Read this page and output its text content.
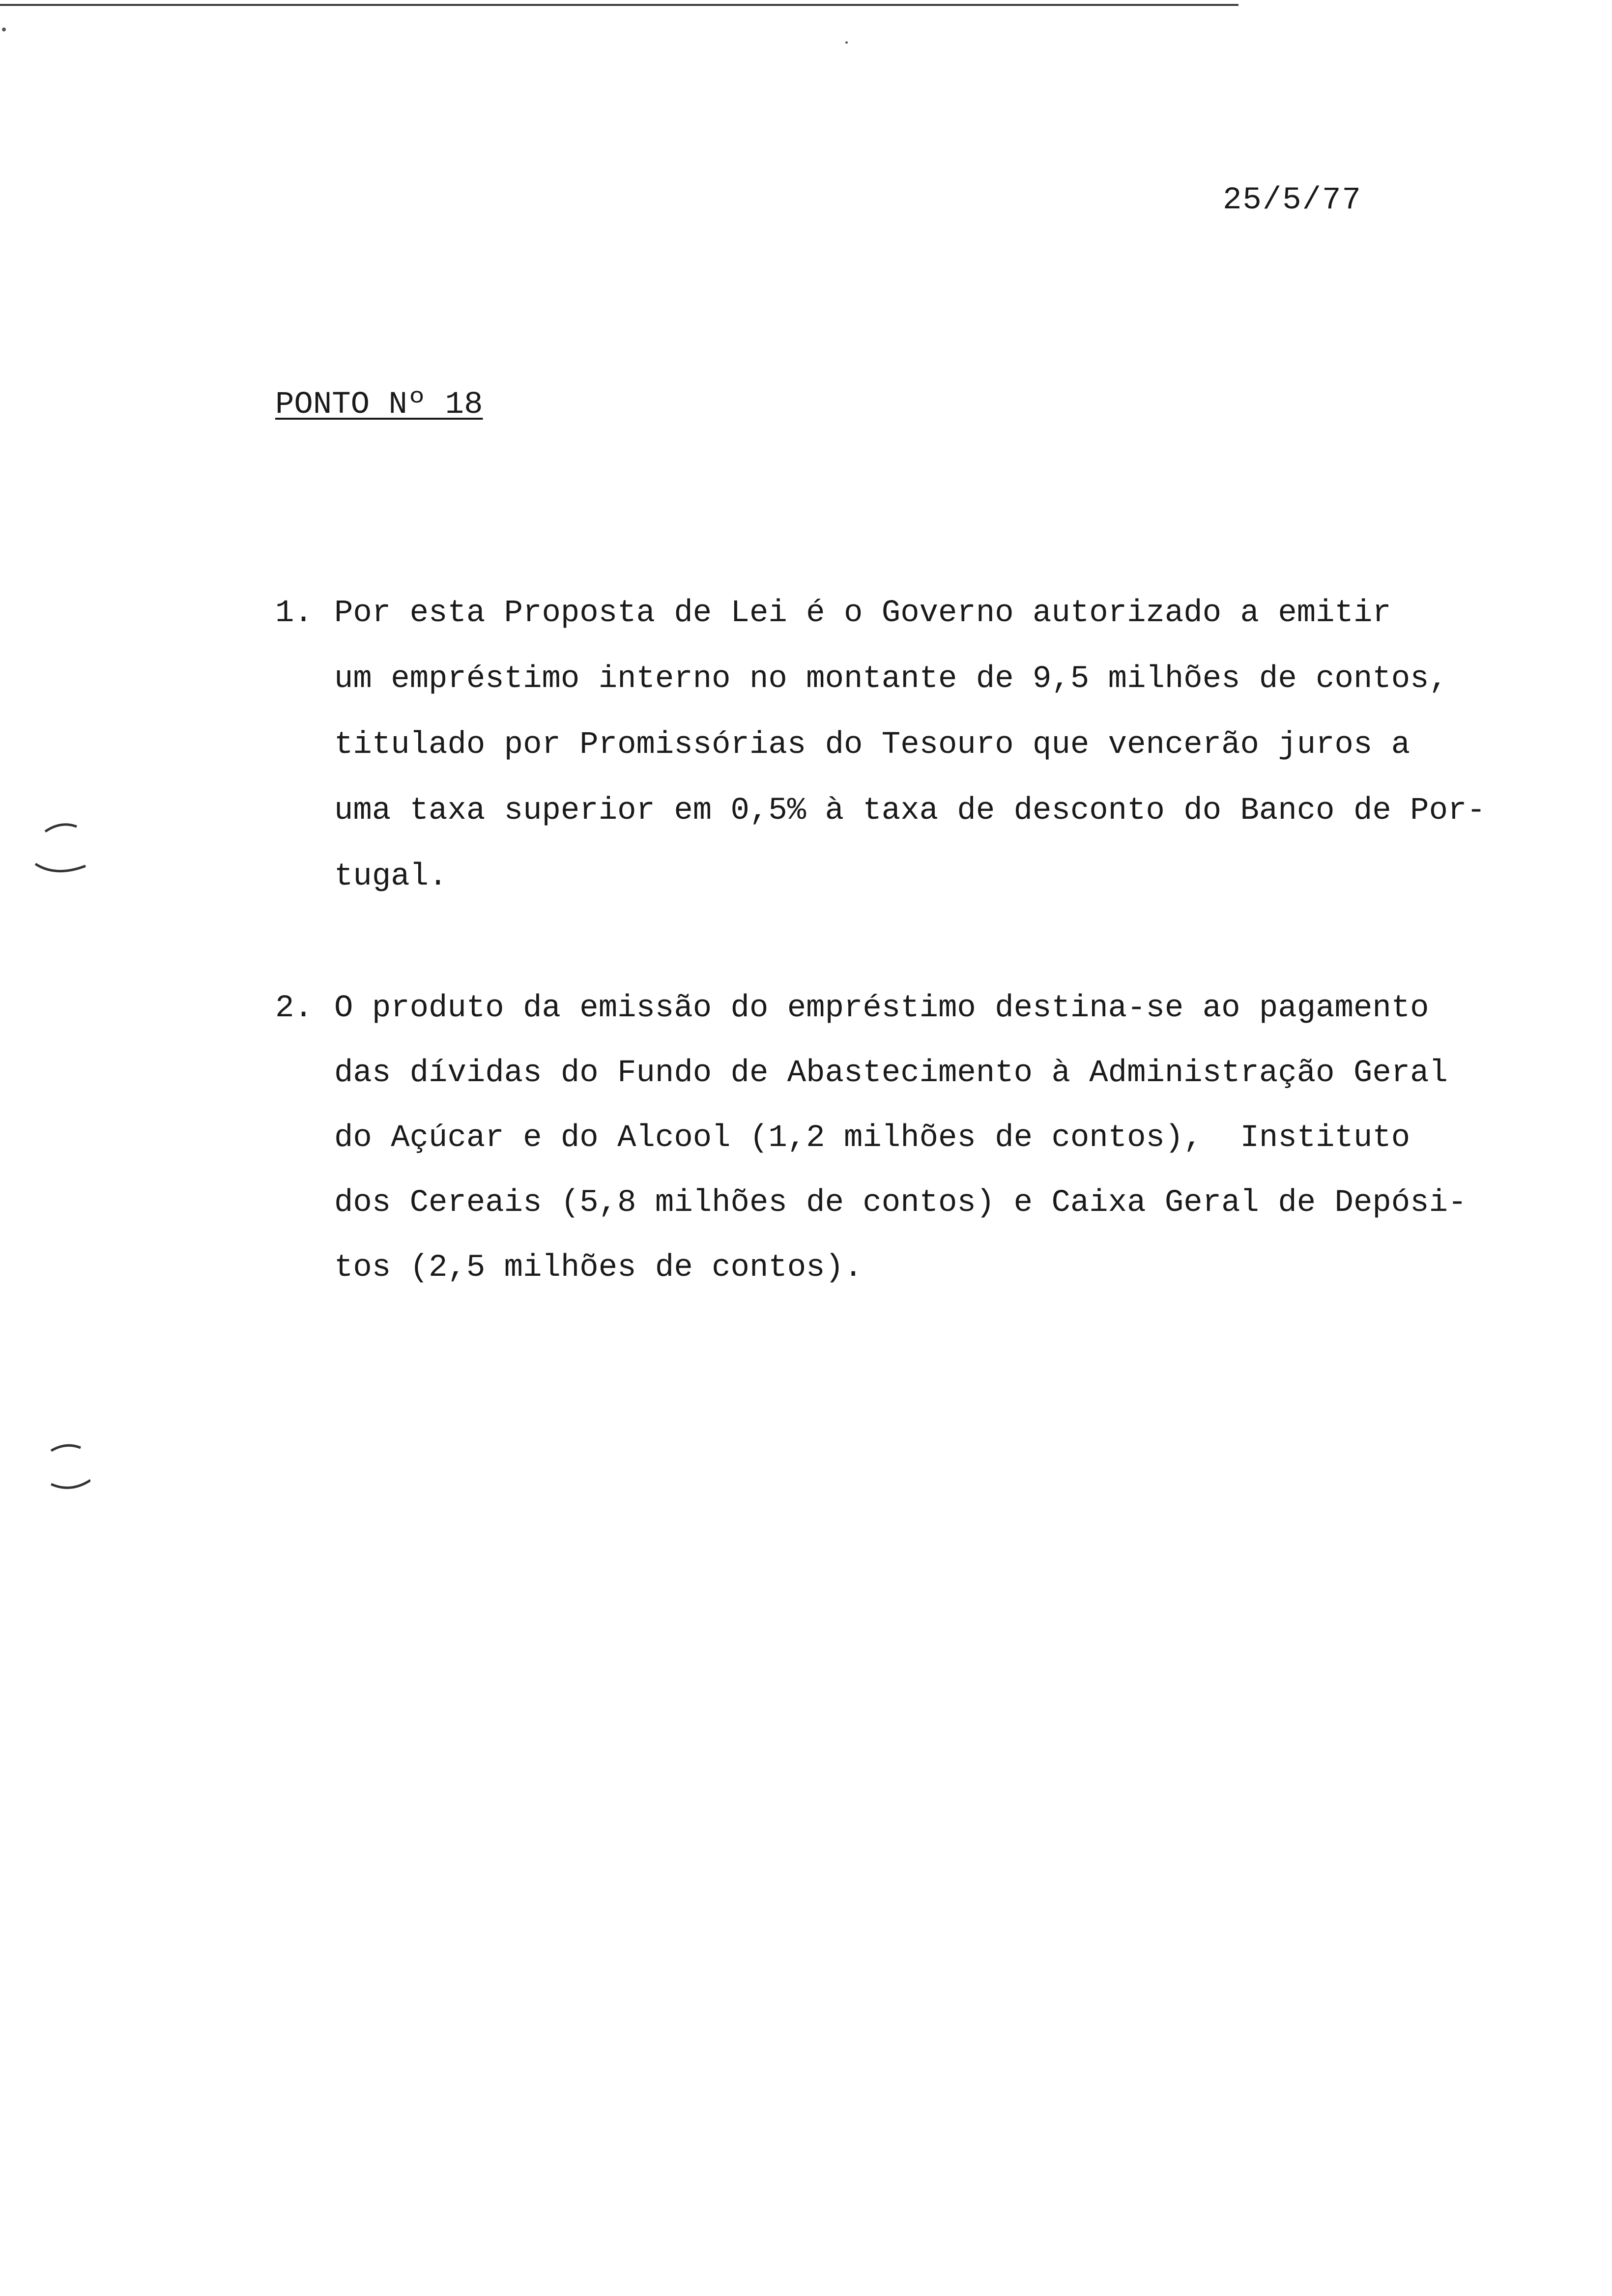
25/5/77
PONTO Nº 18
1. Por esta Proposta de Lei é o Governo autorizado a emitir
um empréstimo interno no montante de 9,5 milhões de contos,
titulado por Promissórias do Tesouro que vencerão juros a
uma taxa superior em 0,5% à taxa de desconto do Banco de Por-
tugal.
2. O produto da emissão do empréstimo destina-se ao pagamento
das dívidas do Fundo de Abastecimento à Administração Geral
do Açúcar e do Alcool (1,2 milhões de contos),  Instituto
dos Cereais (5,8 milhões de contos) e Caixa Geral de Depósi-
tos (2,5 milhões de contos).
